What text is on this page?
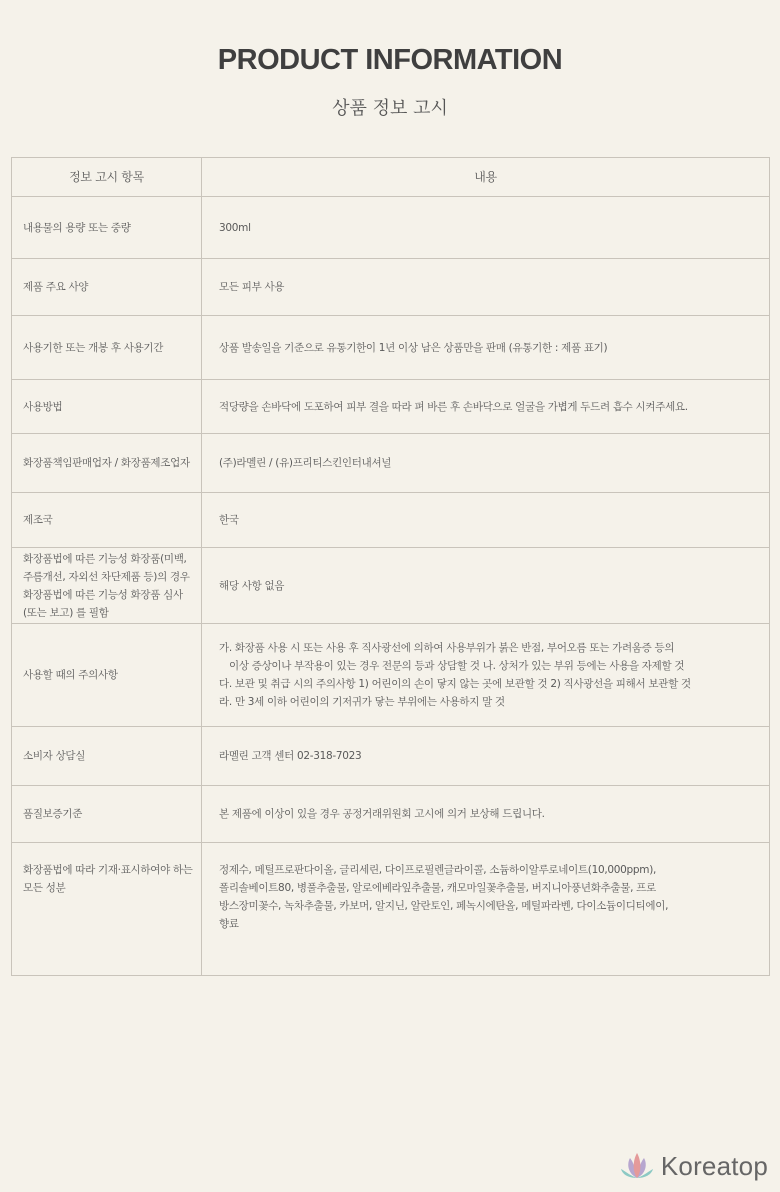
PRODUCT INFORMATION
상품 정보 고시
정보 고시 항목	내용
내용물의 용량 또는 중량	300ml
제품 주요 사양	모든 피부 사용
사용기한 또는 개봉 후 사용기간	상품 발송일을 기준으로 유통기한이 1년 이상 남은 상품만을 판매 (유통기한 : 제품 표기)
사용방법	적당량을 손바닥에 도포하여 피부 결을 따라 펴 바른 후 손바닥으로 얼굴을 가볍게 두드려 흡수 시켜주세요.
화장품책임판매업자 / 화장품제조업자	(주)라멜린 / (유)프리티스킨인터내셔널
제조국	한국
화장품법에 따른 기능성 화장품(미백, 주름개선, 자외선 차단제품 등)의 경우 화장품법에 따른 기능성 화장품 심사(또는 보고) 를 필함	해당 사항 없음
사용할 때의 주의사항	가. 화장품 사용 시 또는 사용 후 직사광선에 의하여 사용부위가 붉은 반점, 부어오름 또는 가려움증 등의
이상 증상이나 부작용이 있는 경우 전문의 등과 상담할 것 나. 상처가 있는 부위 등에는 사용을 자제할 것
다. 보관 및 취급 시의 주의사항 1) 어린이의 손이 닿지 않는 곳에 보관할 것 2) 직사광선을 피해서 보관할 것
라. 만 3세 이하 어린이의 기저귀가 닿는 부위에는 사용하지 말 것

소비자 상담실	라멜린 고객 센터 02-318-7023
품질보증기준	본 제품에 이상이 있을 경우 공정거래위원회 고시에 의거 보상해 드립니다.
화장품법에 따라 기재·표시하여야 하는 모든 성분	정제수, 메틸프로판다이올, 글리세린, 다이프로필렌글라이콜, 소듐하이알루로네이트(10,000ppm),
폴리솔베이트80, 병풀추출물, 알로에베라잎추출물, 캐모마일꽃추출물, 버지니아풍년화추출물, 프로
방스장미꽃수, 녹차추출물, 카보머, 알지닌, 알란토인, 페녹시에탄올, 메틸파라벤, 다이소듐이디티에이,
향료
Koreatop
